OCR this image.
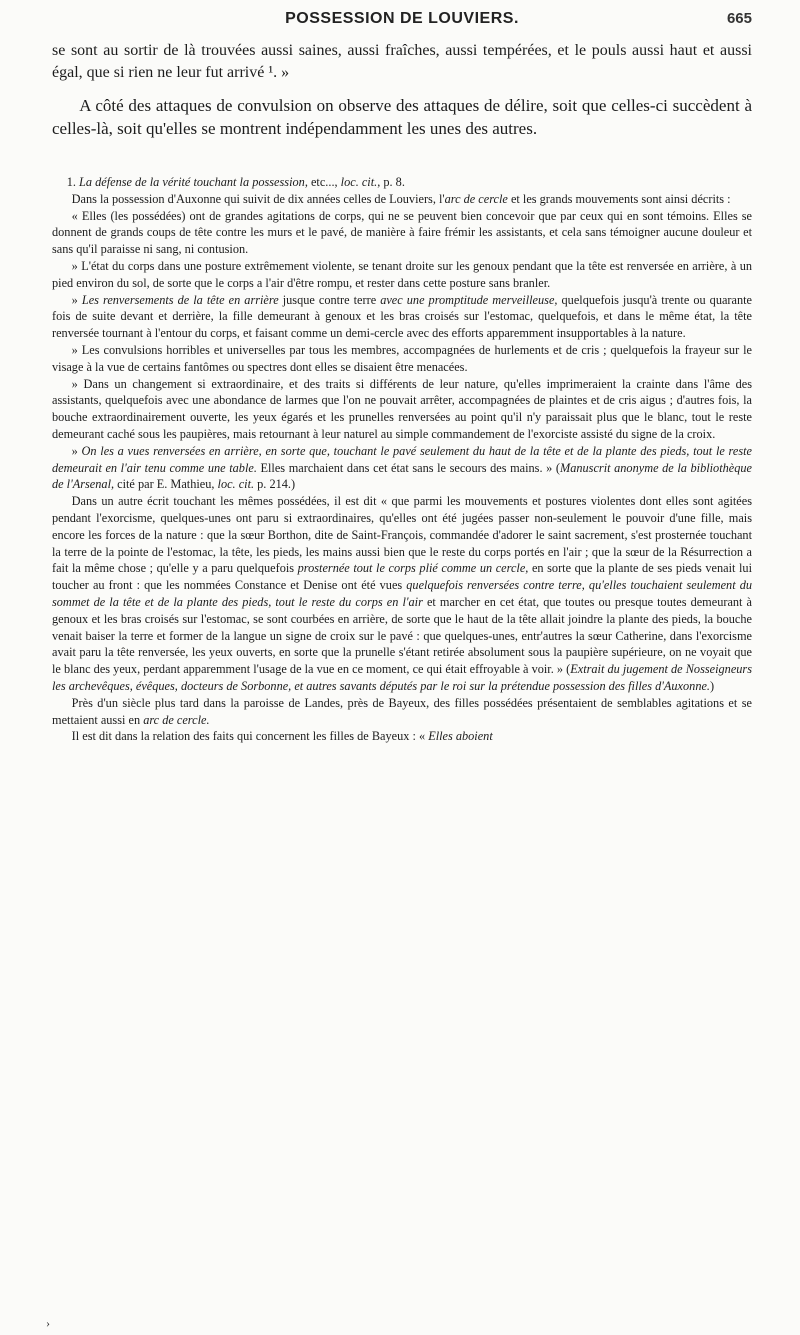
POSSESSION DE LOUVIERS.	665

se sont au sortir de là trouvées aussi saines, aussi fraîches, aussi tempérées, et le pouls aussi haut et aussi égal, que si rien ne leur fut arrivé ¹. »

A côté des attaques de convulsion on observe des attaques de délire, soit que celles-ci succèdent à celles-là, soit qu'elles se montrent indépendamment les unes des autres.

1. La défense de la vérité touchant la possession, etc..., loc. cit., p. 8.

Dans la possession d'Auxonne qui suivit de dix années celles de Louviers, l'arc de cercle et les grands mouvements sont ainsi décrits :

« Elles (les possédées) ont de grandes agitations de corps, qui ne se peuvent bien concevoir que par ceux qui en sont témoins. Elles se donnent de grands coups de tête contre les murs et le pavé, de manière à faire frémir les assistants, et cela sans témoigner aucune douleur et sans qu'il paraisse ni sang, ni contusion.

» L'état du corps dans une posture extrêmement violente, se tenant droite sur les genoux pendant que la tête est renversée en arrière, à un pied environ du sol, de sorte que le corps a l'air d'être rompu, et rester dans cette posture sans branler.

» Les renversements de la tête en arrière jusque contre terre avec une promptitude merveilleuse, quelquefois jusqu'à trente ou quarante fois de suite devant et derrière, la fille demeurant à genoux et les bras croisés sur l'estomac, quelquefois, et dans le même état, la tête renversée tournant à l'entour du corps, et faisant comme un demi-cercle avec des efforts apparemment insupportables à la nature.

» Les convulsions horribles et universelles par tous les membres, accompagnées de hurlements et de cris ; quelquefois la frayeur sur le visage à la vue de certains fantômes ou spectres dont elles se disaient être menacées.

» Dans un changement si extraordinaire, et des traits si différents de leur nature, qu'elles imprimeraient la crainte dans l'âme des assistants, quelquefois avec une abondance de larmes que l'on ne pouvait arrêter, accompagnées de plaintes et de cris aigus ; d'autres fois, la bouche extraordinairement ouverte, les yeux égarés et les prunelles renversées au point qu'il n'y paraissait plus que le blanc, tout le reste demeurant caché sous les paupières, mais retournant à leur naturel au simple commandement de l'exorciste assisté du signe de la croix.

» On les a vues renversées en arrière, en sorte que, touchant le pavé seulement du haut de la tête et de la plante des pieds, tout le reste demeurait en l'air tenu comme une table. Elles marchaient dans cet état sans le secours des mains. » (Manuscrit anonyme de la bibliothèque de l'Arsenal, cité par E. Mathieu, loc. cit. p. 214.)

Dans un autre écrit touchant les mêmes possédées, il est dit « que parmi les mouvements et postures violentes dont elles sont agitées pendant l'exorcisme, quelques-unes ont paru si extraordinaires, qu'elles ont été jugées passer non-seulement le pouvoir d'une fille, mais encore les forces de la nature : que la sœur Borthon, dite de Saint-François, commandée d'adorer le saint sacrement, s'est prosternée touchant la terre de la pointe de l'estomac, la tête, les pieds, les mains aussi bien que le reste du corps portés en l'air ; que la sœur de la Résurrection a fait la même chose ; qu'elle y a paru quelquefois prosternée tout le corps plié comme un cercle, en sorte que la plante de ses pieds venait lui toucher au front : que les nommées Constance et Denise ont été vues quelquefois renversées contre terre, qu'elles touchaient seulement du sommet de la tête et de la plante des pieds, tout le reste du corps en l'air et marcher en cet état, que toutes ou presque toutes demeurant à genoux et les bras croisés sur l'estomac, se sont courbées en arrière, de sorte que le haut de la tête allait joindre la plante des pieds, la bouche venait baiser la terre et former de la langue un signe de croix sur le pavé : que quelques-unes, entr'autres la sœur Catherine, dans l'exorcisme avait paru la tête renversée, les yeux ouverts, en sorte que la prunelle s'étant retirée absolument sous la paupière supérieure, on ne voyait que le blanc des yeux, perdant apparemment l'usage de la vue en ce moment, ce qui était effroyable à voir. » (Extrait du jugement de Nosseigneurs les archevêques, évêques, docteurs de Sorbonne, et autres savants députés par le roi sur la prétendue possession des filles d'Auxonne.)

Près d'un siècle plus tard dans la paroisse de Landes, près de Bayeux, des filles possédées présentaient de semblables agitations et se mettaient aussi en arc de cercle.

Il est dit dans la relation des faits qui concernent les filles de Bayeux : « Elles aboient

›
